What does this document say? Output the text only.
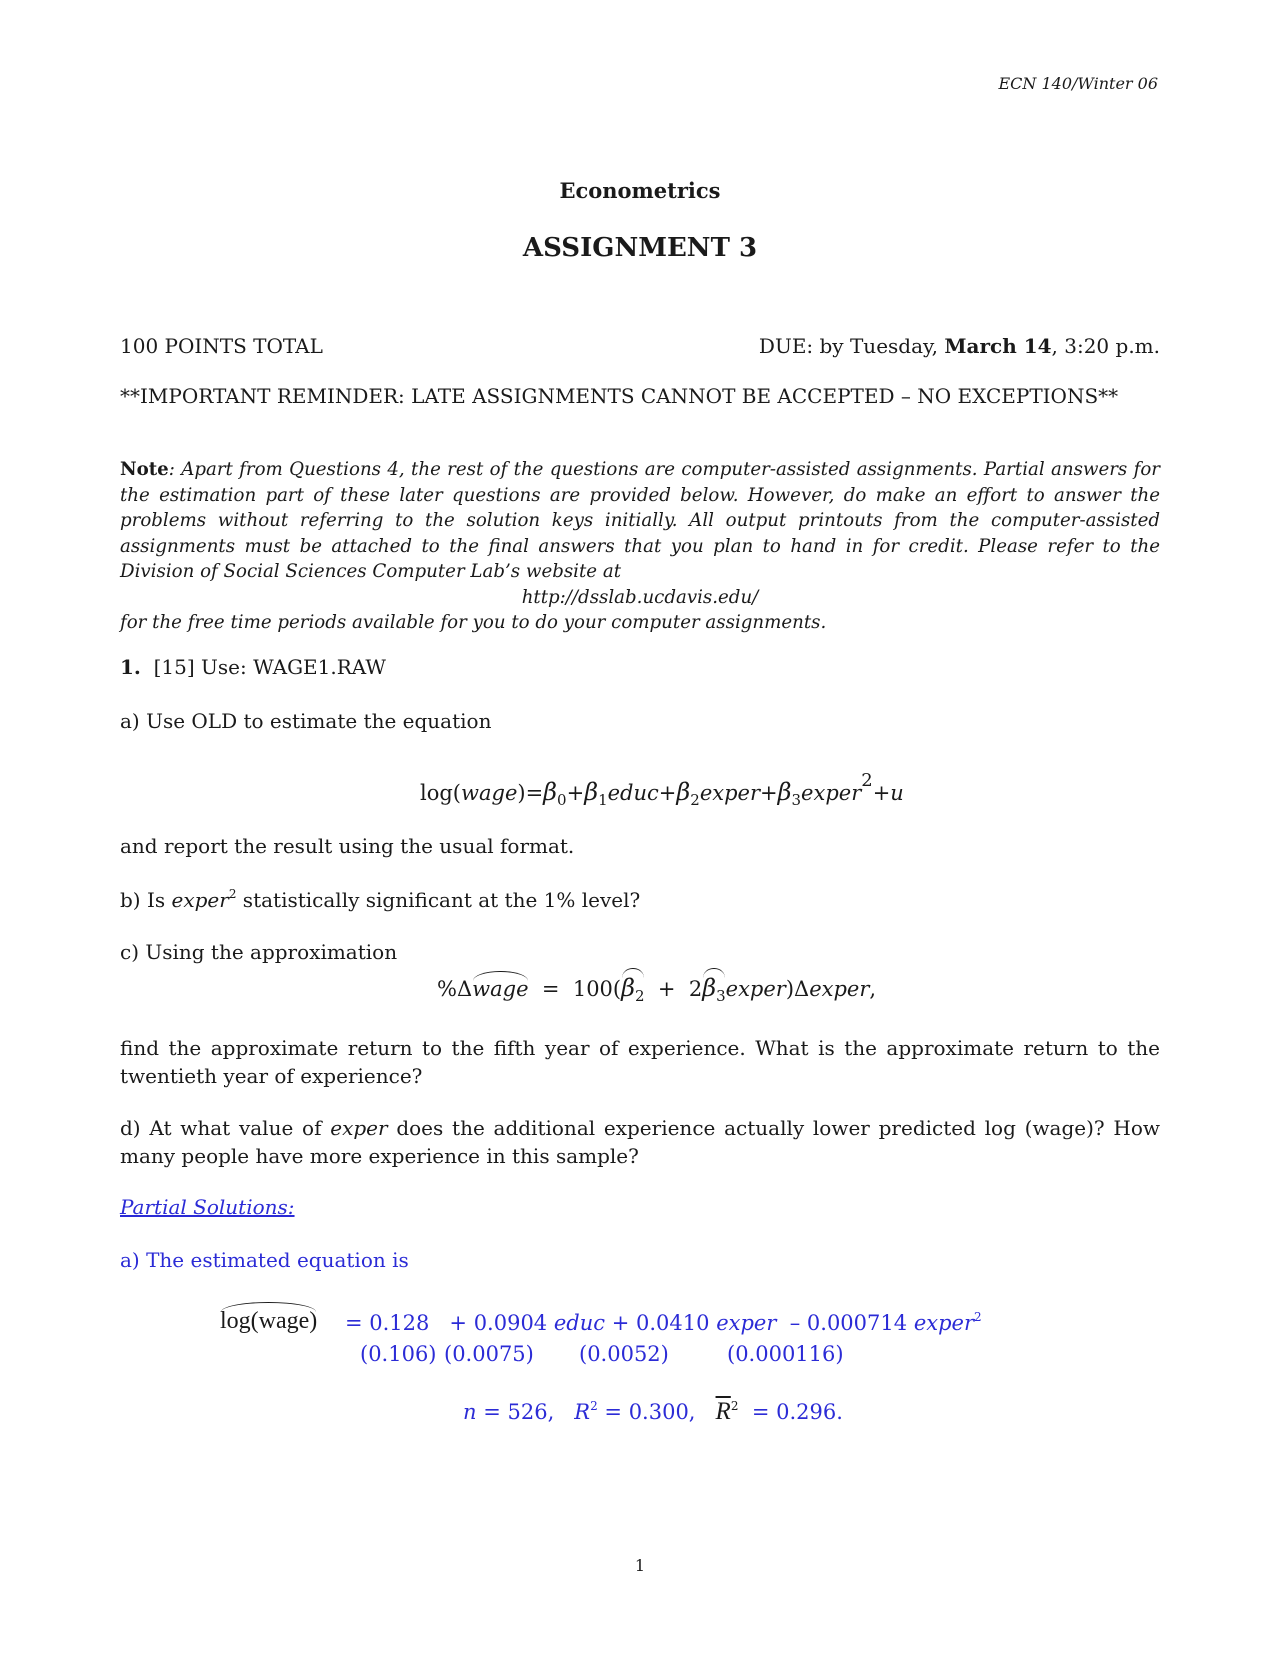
ECN 140/Winter 06
Econometrics
ASSIGNMENT 3
100 POINTS TOTAL	DUE: by Tuesday, March 14, 3:20 p.m.
**IMPORTANT REMINDER: LATE ASSIGNMENTS CANNOT BE ACCEPTED – NO EXCEPTIONS**
Note: Apart from Questions 4, the rest of the questions are computer-assisted assignments. Partial answers for the estimation part of these later questions are provided below. However, do make an effort to answer the problems without referring to the solution keys initially. All output printouts from the computer-assisted assignments must be attached to the final answers that you plan to hand in for credit. Please refer to the Division of Social Sciences Computer Lab’s website at
http://dsslab.ucdavis.edu/
for the free time periods available for you to do your computer assignments.
1. [15] Use: WAGE1.RAW
a) Use OLD to estimate the equation
$\log(wage)=\beta_0+\beta_1educ+\beta_2exper+\beta_3exper2+u$
and report the result using the usual format.
b) Is exper$^2$ statistically significant at the 1% level?
c) Using the approximation
%Δwage = $100(\beta_2$ + $2\beta_3exper)\Delta exper$,
find the approximate return to the fifth year of experience. What is the approximate return to the twentieth year of experience?
d) At what value of exper does the additional experience actually lower predicted log (wage)? How many people have more experience in this sample?
Partial Solutions:
a) The estimated equation is
log(wage) = 0.128 + 0.0904 educ + 0.0410 exper – 0.000714 exper$^2$
(0.106) (0.0075) (0.0052)	(0.000116)
n = 526, $R^2 = 0.300$, $\overline{R}^2 = 0.296$.
1
